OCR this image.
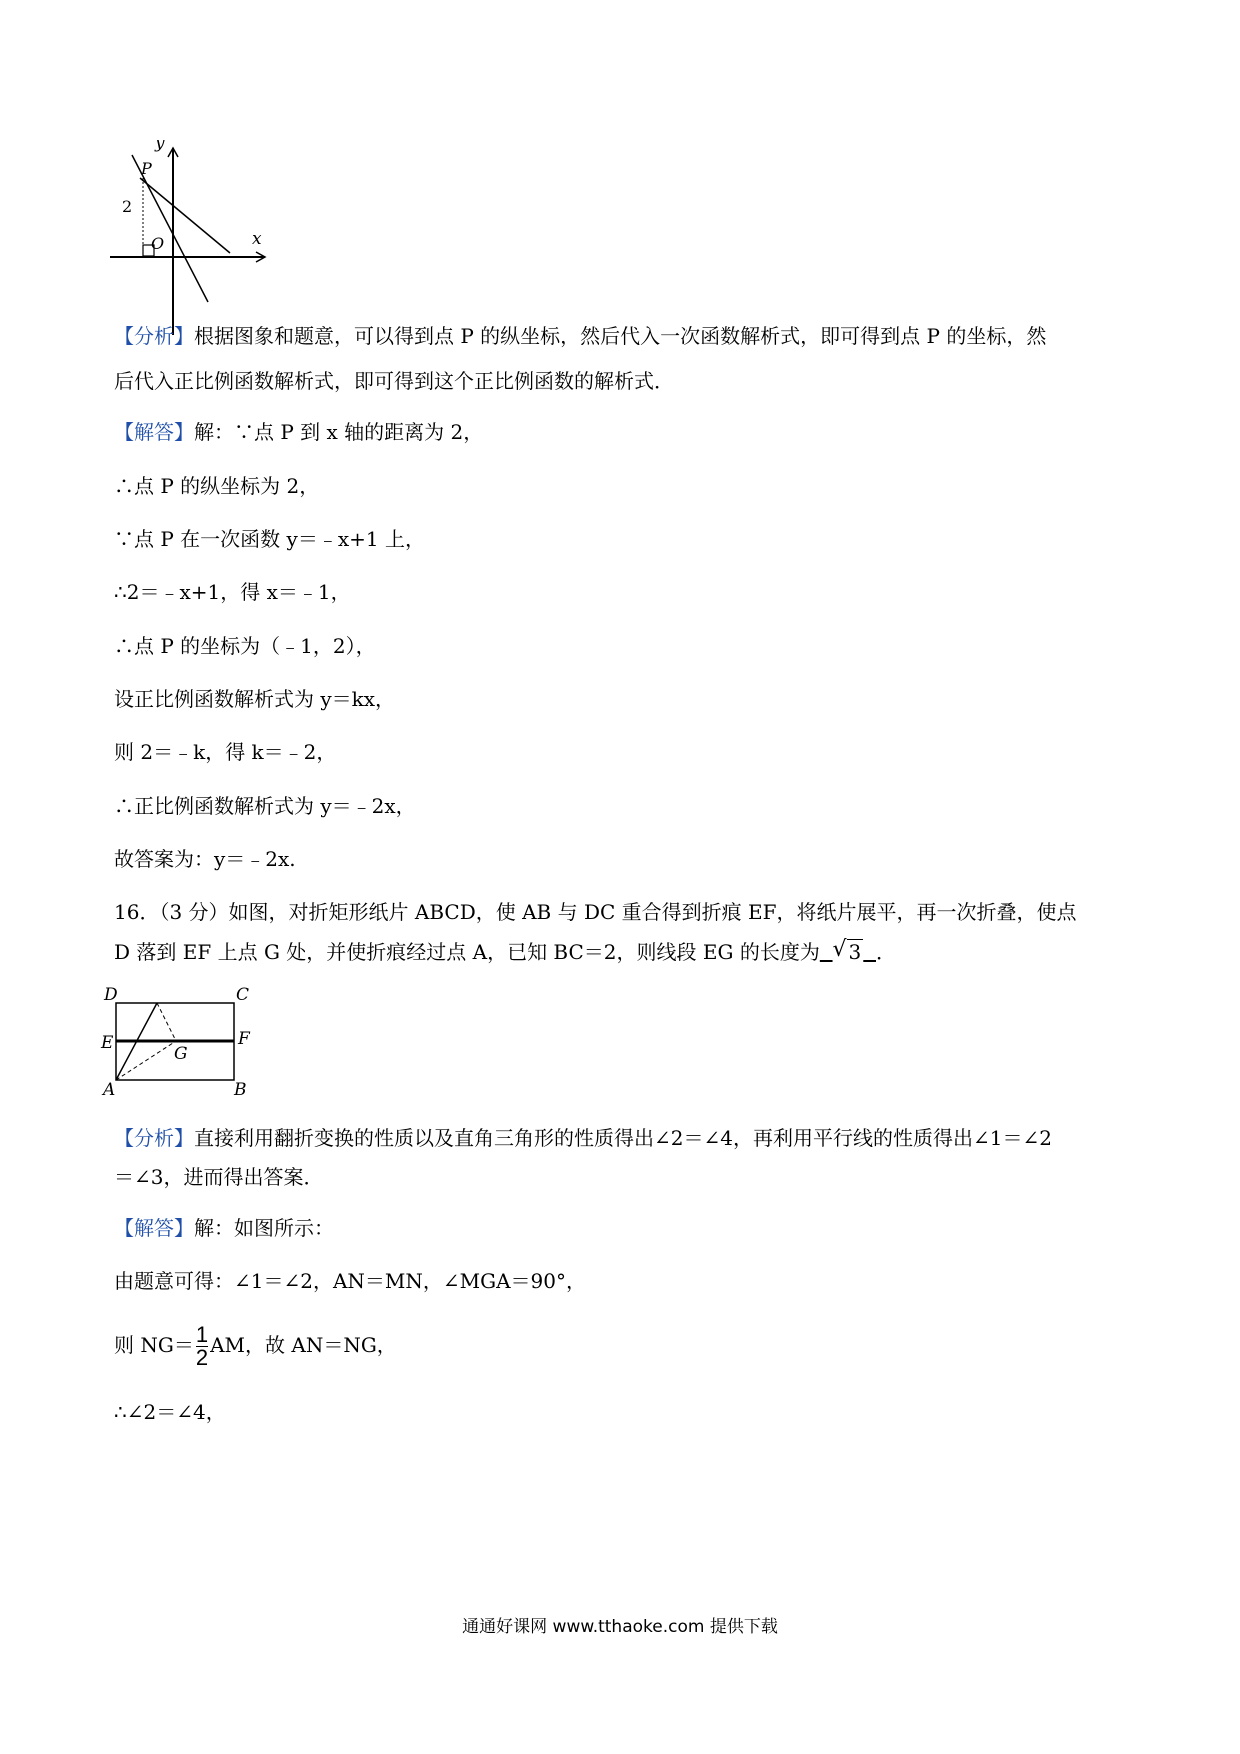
y
x
P
O
2
【分析】根据图象和题意，可以得到点 P 的纵坐标，然后代入一次函数解析式，即可得到点 P 的坐标，然
后代入正比例函数解析式，即可得到这个正比例函数的解析式．
【解答】解：∵点 P 到 x 轴的距离为 2，
∴点 P 的纵坐标为 2，
∵点 P 在一次函数 y＝﹣x+1 上，
∴2＝﹣x+1，得 x＝﹣1，
∴点 P 的坐标为（﹣1，2），
设正比例函数解析式为 y＝kx，
则 2＝﹣k，得 k＝﹣2，
∴正比例函数解析式为 y＝﹣2x，
故答案为：y＝﹣2x.
16．（3 分）如图，对折矩形纸片 ABCD，使 AB 与 DC 重合得到折痕 EF，将纸片展平，再一次折叠，使点
D 落到 EF 上点 G 处，并使折痕经过点 A，已知 BC＝2，则线段 EG 的长度为 √ 3 ．
D	C
E	F
G
A	B
【分析】直接利用翻折变换的性质以及直角三角形的性质得出∠2＝∠4，再利用平行线的性质得出∠1＝∠2
＝∠3，进而得出答案．
【解答】解：如图所示：
由题意可得：∠1＝∠2，AN＝MN，∠MGA＝90°，
则 $NG= \frac{1}{2}$ AM，故 AN＝NG，
∴∠2＝∠4，
通通好课网 www.tthaoke.com 提供下载
